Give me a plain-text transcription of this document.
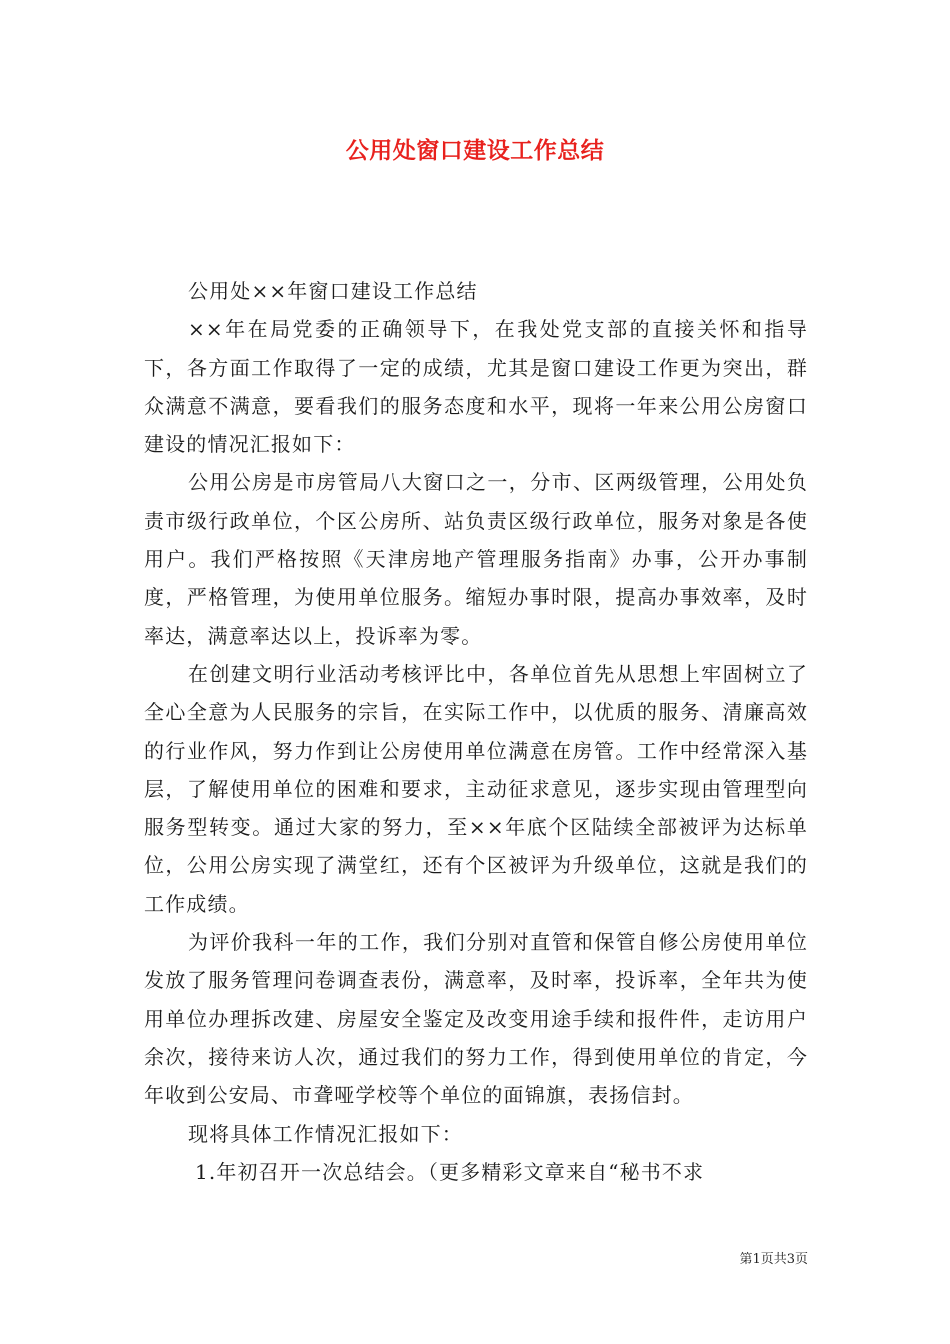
公用处窗口建设工作总结

公用处××年窗口建设工作总结

××年在局党委的正确领导下，在我处党支部的直接关怀和指导下，各方面工作取得了一定的成绩，尤其是窗口建设工作更为突出，群众满意不满意，要看我们的服务态度和水平，现将一年来公用公房窗口建设的情况汇报如下：

公用公房是市房管局八大窗口之一，分市、区两级管理，公用处负责市级行政单位，个区公房所、站负责区级行政单位，服务对象是各使用户。我们严格按照《天津房地产管理服务指南》办事，公开办事制度，严格管理，为使用单位服务。缩短办事时限，提高办事效率，及时率达，满意率达以上，投诉率为零。

在创建文明行业活动考核评比中，各单位首先从思想上牢固树立了全心全意为人民服务的宗旨，在实际工作中，以优质的服务、清廉高效的行业作风，努力作到让公房使用单位满意在房管。工作中经常深入基层，了解使用单位的困难和要求，主动征求意见，逐步实现由管理型向服务型转变。通过大家的努力，至××年底个区陆续全部被评为达标单位，公用公房实现了满堂红，还有个区被评为升级单位，这就是我们的工作成绩。

为评价我科一年的工作，我们分别对直管和保管自修公房使用单位发放了服务管理问卷调查表份，满意率，及时率，投诉率，全年共为使用单位办理拆改建、房屋安全鉴定及改变用途手续和报件件，走访用户余次，接待来访人次，通过我们的努力工作，得到使用单位的肯定，今年收到公安局、市聋哑学校等个单位的面锦旗，表扬信封。

现将具体工作情况汇报如下：

1.年初召开一次总结会。（更多精彩文章来自“秘书不求

第1页共3页
